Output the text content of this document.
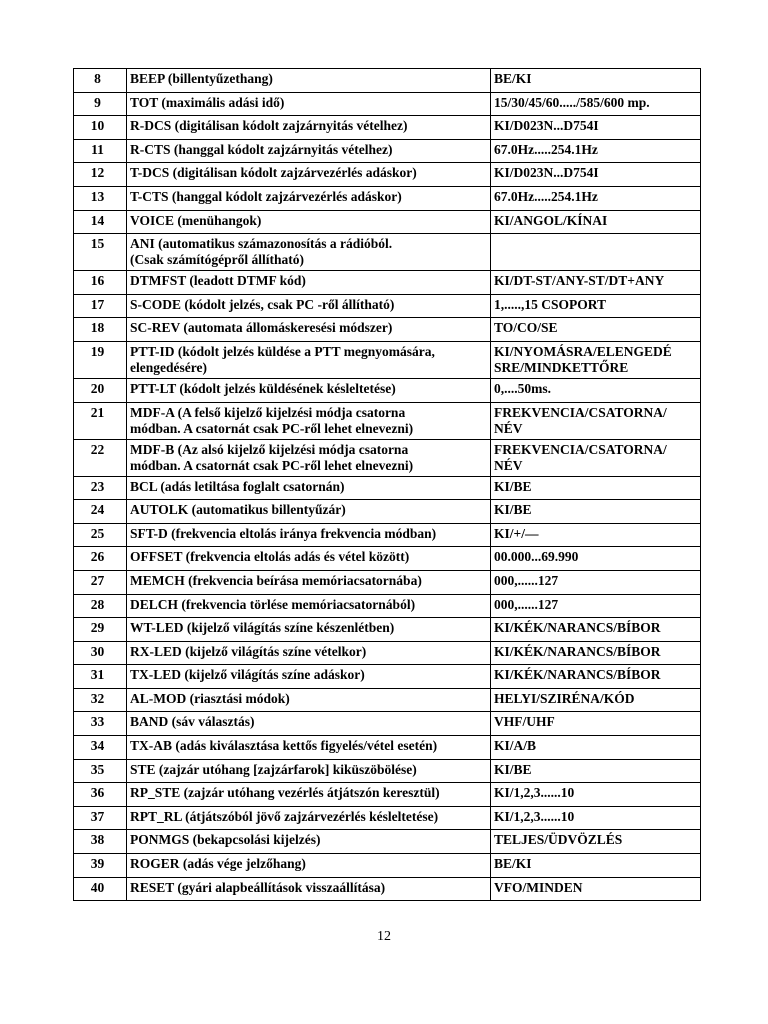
8	BEEP (billentyűzethang)	BE/KI
9	TOT (maximális adási idő)	15/30/45/60...../585/600 mp.
10	R-DCS (digitálisan kódolt zajzárnyitás vételhez)	KI/D023N...D754I
11	R-CTS (hanggal kódolt zajzárnyitás vételhez)	67.0Hz.....254.1Hz
12	T-DCS (digitálisan kódolt zajzárvezérlés adáskor)	KI/D023N...D754I
13	T-CTS (hanggal kódolt zajzárvezérlés adáskor)	67.0Hz.....254.1Hz
14	VOICE (menühangok)	KI/ANGOL/KÍNAI
15	ANI (automatikus számazonosítás a rádióból.
(Csak számítógépről állítható)	
16	DTMFST (leadott DTMF kód)	KI/DT-ST/ANY-ST/DT+ANY
17	S-CODE (kódolt jelzés, csak PC -ről állítható)	1,.....,15 CSOPORT
18	SC-REV (automata állomáskeresési módszer)	TO/CO/SE
19	PTT-ID (kódolt jelzés küldése a PTT megnyomására,
elengedésére)	KI/NYOMÁSRA/ELENGEDÉ
SRE/MINDKETTŐRE
20	PTT-LT (kódolt jelzés küldésének késleltetése)	0,....50ms.
21	MDF-A (A felső kijelző kijelzési módja csatorna
módban. A csatornát csak PC-ről lehet elnevezni)	FREKVENCIA/CSATORNA/
NÉV
22	MDF-B (Az alsó kijelző kijelzési módja csatorna
módban. A csatornát csak PC-ről lehet elnevezni)	FREKVENCIA/CSATORNA/
NÉV
23	BCL (adás letiltása foglalt csatornán)	KI/BE
24	AUTOLK (automatikus billentyűzár)	KI/BE
25	SFT-D (frekvencia eltolás iránya frekvencia módban)	KI/+/—
26	OFFSET (frekvencia eltolás adás és vétel között)	00.000...69.990
27	MEMCH (frekvencia beírása memóriacsatornába)	000,......127
28	DELCH (frekvencia törlése memóriacsatornából)	000,......127
29	WT-LED (kijelző világítás színe készenlétben)	KI/KÉK/NARANCS/BÍBOR
30	RX-LED (kijelző világítás színe vételkor)	KI/KÉK/NARANCS/BÍBOR
31	TX-LED (kijelző világítás színe adáskor)	KI/KÉK/NARANCS/BÍBOR
32	AL-MOD (riasztási módok)	HELYI/SZIRÉNA/KÓD
33	BAND (sáv választás)	VHF/UHF
34	TX-AB (adás kiválasztása kettős figyelés/vétel esetén)	KI/A/B
35	STE (zajzár utóhang [zajzárfarok] kiküszöbölése)	KI/BE
36	RP_STE (zajzár utóhang vezérlés átjátszón keresztül)	KI/1,2,3......10
37	RPT_RL (átjátszóból jövő zajzárvezérlés késleltetése)	KI/1,2,3......10
38	PONMGS (bekapcsolási kijelzés)	TELJES/ÜDVÖZLÉS
39	ROGER (adás vége jelzőhang)	BE/KI
40	RESET (gyári alapbeállítások visszaállítása)	VFO/MINDEN
12
